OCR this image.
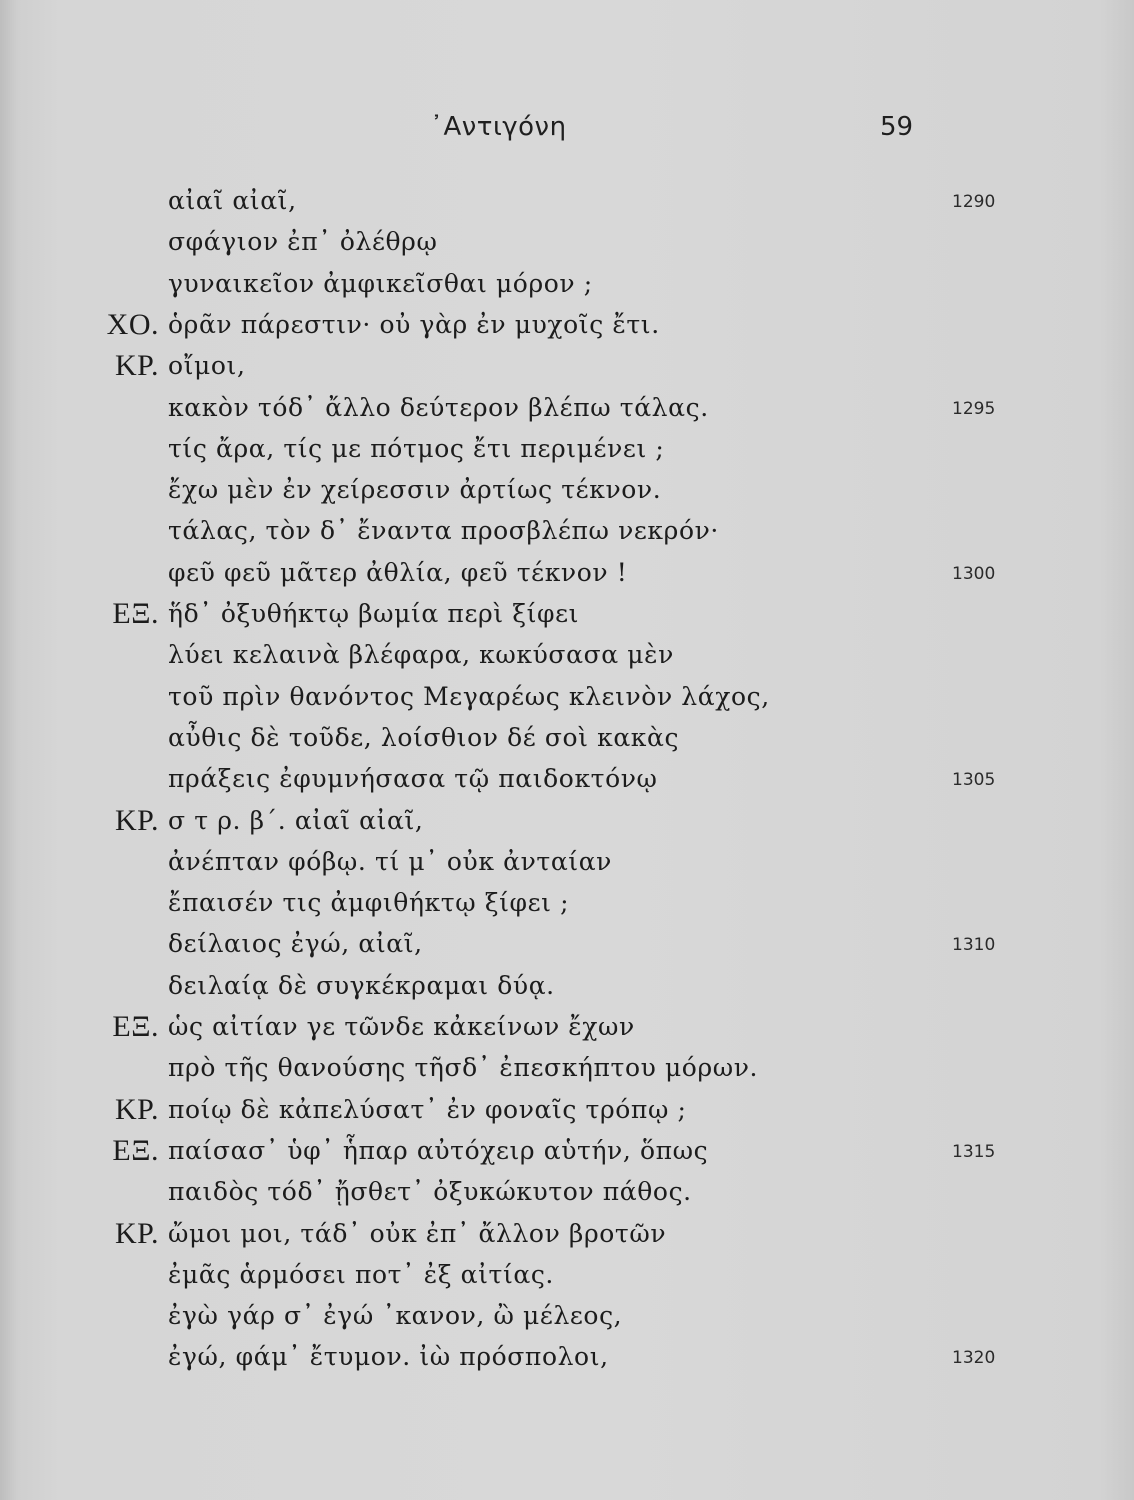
᾿Αντιγόνη	59
αἰαῖ αἰαῖ,	1290
σφάγιον ἐπ᾿ ὀλέθρῳ
γυναικεῖον ἀμφικεῖσθαι μόρον ;
ΧΟ. ὁρᾶν πάρεστιν· οὐ γὰρ ἐν μυχοῖς ἔτι.
ΚΡ. οἴμοι,
κακὸν τόδ᾿ ἄλλο δεύτερον βλέπω τάλας.	1295
τίς ἄρα, τίς με πότμος ἔτι περιμένει ;
ἔχω μὲν ἐν χείρεσσιν ἀρτίως τέκνον.
τάλας, τὸν δ᾿ ἔναντα προσβλέπω νεκρόν·
φεῦ φεῦ μᾶτερ ἀθλία, φεῦ τέκνον !	1300
ΕΞ. ἥδ᾿ ὀξυθήκτῳ βωμία περὶ ξίφει
λύει κελαινὰ βλέφαρα, κωκύσασα μὲν
τοῦ πρὶν θανόντος Μεγαρέως κλεινὸν λάχος,
αὖθις δὲ τοῦδε, λοίσθιον δέ σοὶ κακὰς
πράξεις ἐφυμνήσασα τῷ παιδοκτόνῳ	1305
ΚΡ. σ τ ρ. β΄. αἰαῖ αἰαῖ,
ἀνέπταν φόβῳ. τί μ᾿ οὐκ ἀνταίαν
ἔπαισέν τις ἀμφιθήκτῳ ξίφει ;
δείλαιος ἐγώ, αἰαῖ,	1310
δειλαίᾳ δὲ συγκέκραμαι δύᾳ.
ΕΞ. ὡς αἰτίαν γε τῶνδε κἀκείνων ἔχων
πρὸ τῆς θανούσης τῆσδ᾿ ἐπεσκήπτου μόρων.
ΚΡ. ποίῳ δὲ κἀπελύσατ᾿ ἐν φοναῖς τρόπῳ ;
ΕΞ. παίσασ᾿ ὑφ᾿ ἧπαρ αὐτόχειρ αὑτήν, ὅπως	1315
παιδὸς τόδ᾿ ᾔσθετ᾿ ὀξυκώκυτον πάθος.
ΚΡ. ὤμοι μοι, τάδ᾿ οὐκ ἐπ᾿ ἄλλον βροτῶν
ἐμᾶς ἁρμόσει ποτ᾿ ἐξ αἰτίας.
ἐγὼ γάρ σ᾿ ἐγώ ᾿κανον, ὢ μέλεος,
ἐγώ, φάμ᾿ ἔτυμον. ἰὼ πρόσπολοι,	1320
